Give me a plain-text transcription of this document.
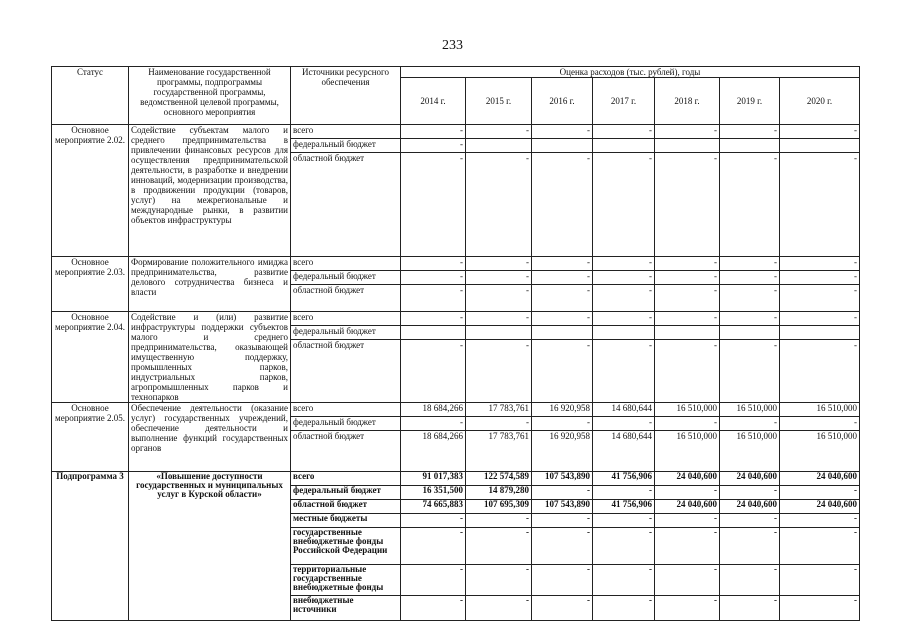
233
Статус	Наименование государственной программы, подпрограммы государственной программы, ведомственной целевой программы, основного мероприятия	Источники ресурсного обеспечения	Оценка расходов (тыс. рублей), годы						
			2014 г.	2015 г.	2016 г.	2017 г.	2018 г.	2019 г.	2020 г.
Основное мероприятие 2.02.	Содействие субъектам малого и среднего предпринимательства в привлечении финансовых ресурсов для осуществления предпринимательской деятельности, в разработке и внедрении инноваций, модернизации производства, в продвижении продукции (товаров, услуг) на межрегиональные и международные рынки, в развитии объектов инфраструктуры	всего	-	-	-	-	-	-	-
		федеральный бюджет	-						
		областной бюджет	-	-	-	-	-	-	-
Основное мероприятие 2.03.	Формирование положительного имиджа предпринимательства, развитие делового сотрудничества бизнеса и власти	всего	-	-	-	-	-	-	-
		федеральный бюджет	-	-	-	-	-	-	-
		областной бюджет	-	-	-	-	-	-	-
Основное мероприятие 2.04.	Содействие и (или) развитие инфраструктуры поддержки субъектов малого и среднего предпринимательства, оказывающей имущественную поддержку, промышленных парков, индустриальных парков, агропромышленных парков и технопарков	всего	-	-	-	-	-	-	-
		федеральный бюджет							
		областной бюджет	-	-	-	-	-	-	-
Основное мероприятие 2.05.	Обеспечение деятельности (оказание услуг) государственных учреждений, обеспечение деятельности и выполнение функций государственных органов	всего	18 684,266	17 783,761	16 920,958	14 680,644	16 510,000	16 510,000	16 510,000
		федеральный бюджет	-	-	-	-	-	-	-
		областной бюджет	18 684,266	17 783,761	16 920,958	14 680,644	16 510,000	16 510,000	16 510,000
Подпрограмма 3	«Повышение доступности государственных и муниципальных услуг в Курской области»	всего	91 017,383	122 574,589	107 543,890	41 756,906	24 040,600	24 040,600	24 040,600
		федеральный бюджет	16 351,500	14 879,280	-	-	-	-	-
		областной бюджет	74 665,883	107 695,309	107 543,890	41 756,906	24 040,600	24 040,600	24 040,600
		местные бюджеты	-	-	-	-	-	-	-
		государственные внебюджетные фонды Российской Федерации	-	-	-	-	-	-	-
		территориальные государственные внебюджетные фонды	-	-	-	-	-	-	-
		внебюджетные источники	-	-	-	-	-	-	-
